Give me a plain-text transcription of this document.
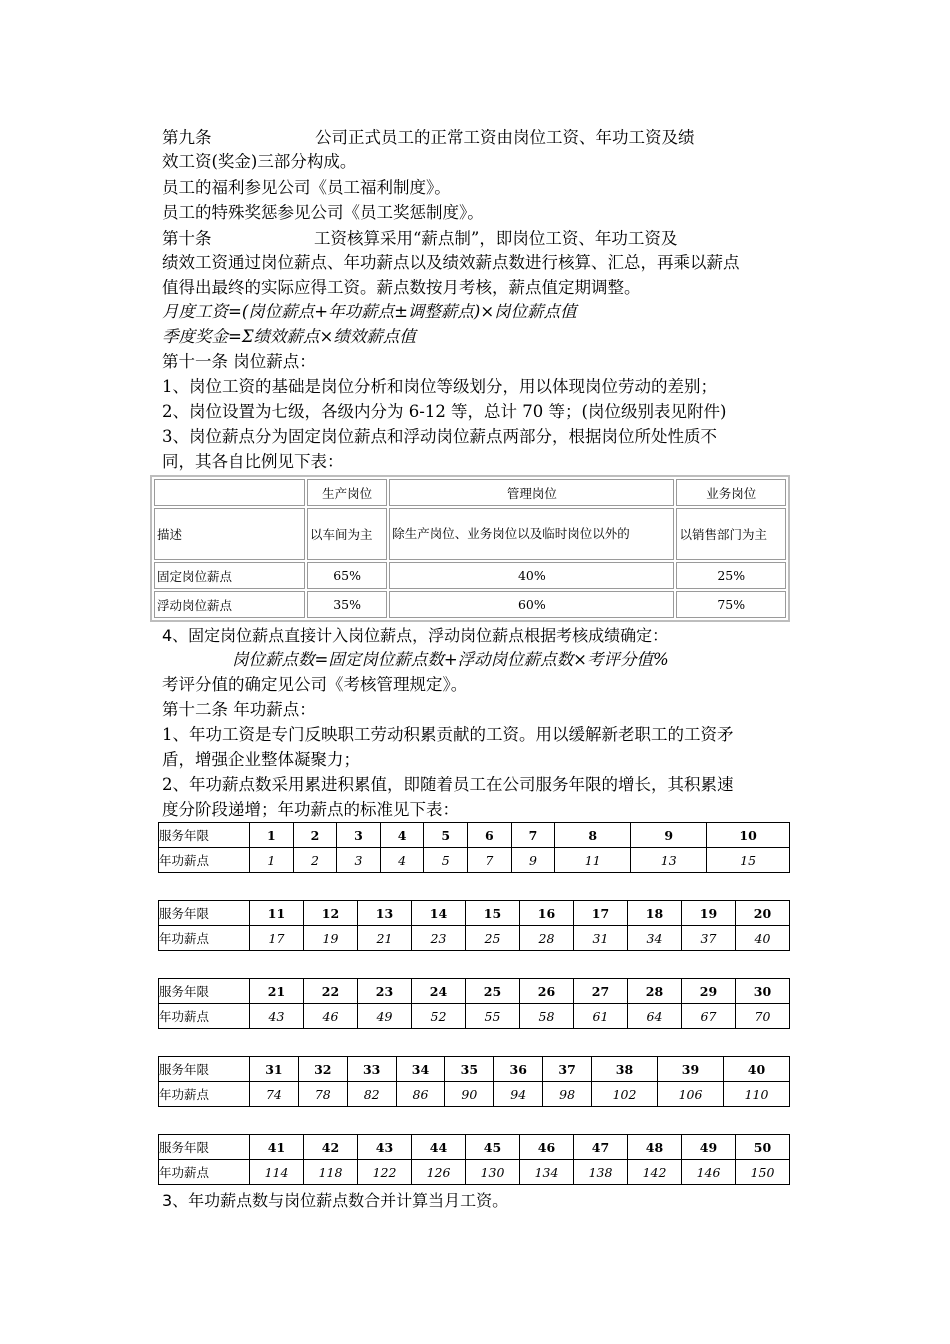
第九条	公司正式员工的正常工资由岗位工资、年功工资及绩
效工资(奖金)三部分构成。
员工的福利参见公司《员工福利制度》。
员工的特殊奖惩参见公司《员工奖惩制度》。
第十条	工资核算采用“薪点制”，即岗位工资、年功工资及
绩效工资通过岗位薪点、年功薪点以及绩效薪点数进行核算、汇总，再乘以薪点
值得出最终的实际应得工资。薪点数按月考核，薪点值定期调整。
月度工资=(岗位薪点+年功薪点±调整薪点)×岗位薪点值
季度奖金=Σ绩效薪点×绩效薪点值
第十一条 岗位薪点：
1、岗位工资的基础是岗位分析和岗位等级划分，用以体现岗位劳动的差别；
2、岗位设置为七级，各级内分为 6-12 等，总计 70 等；(岗位级别表见附件)
3、岗位薪点分为固定岗位薪点和浮动岗位薪点两部分，根据岗位所处性质不
同，其各自比例见下表：
	生产岗位	管理岗位	业务岗位
描述	以车间为主	除生产岗位、业务岗位以及临时岗位以外的	以销售部门为主
固定岗位薪点	65%	40%	25%
浮动岗位薪点	35%	60%	75%
4、固定岗位薪点直接计入岗位薪点，浮动岗位薪点根据考核成绩确定：
岗位薪点数=固定岗位薪点数+浮动岗位薪点数×考评分值%
考评分值的确定见公司《考核管理规定》。
第十二条 年功薪点：
1、年功工资是专门反映职工劳动积累贡献的工资。用以缓解新老职工的工资矛
盾，增强企业整体凝聚力；
2、年功薪点数采用累进积累值，即随着员工在公司服务年限的增长，其积累速
度分阶段递增；年功薪点的标准见下表：
服务年限	1	2	3	4	5	6	7	8	9	10
年功薪点	1	2	3	4	5	7	9	11	13	15
服务年限	11	12	13	14	15	16	17	18	19	20
年功薪点	17	19	21	23	25	28	31	34	37	40
服务年限	21	22	23	24	25	26	27	28	29	30
年功薪点	43	46	49	52	55	58	61	64	67	70
服务年限	31	32	33	34	35	36	37	38	39	40
年功薪点	74	78	82	86	90	94	98	102	106	110
服务年限	41	42	43	44	45	46	47	48	49	50
年功薪点	114	118	122	126	130	134	138	142	146	150
3、年功薪点数与岗位薪点数合并计算当月工资。
